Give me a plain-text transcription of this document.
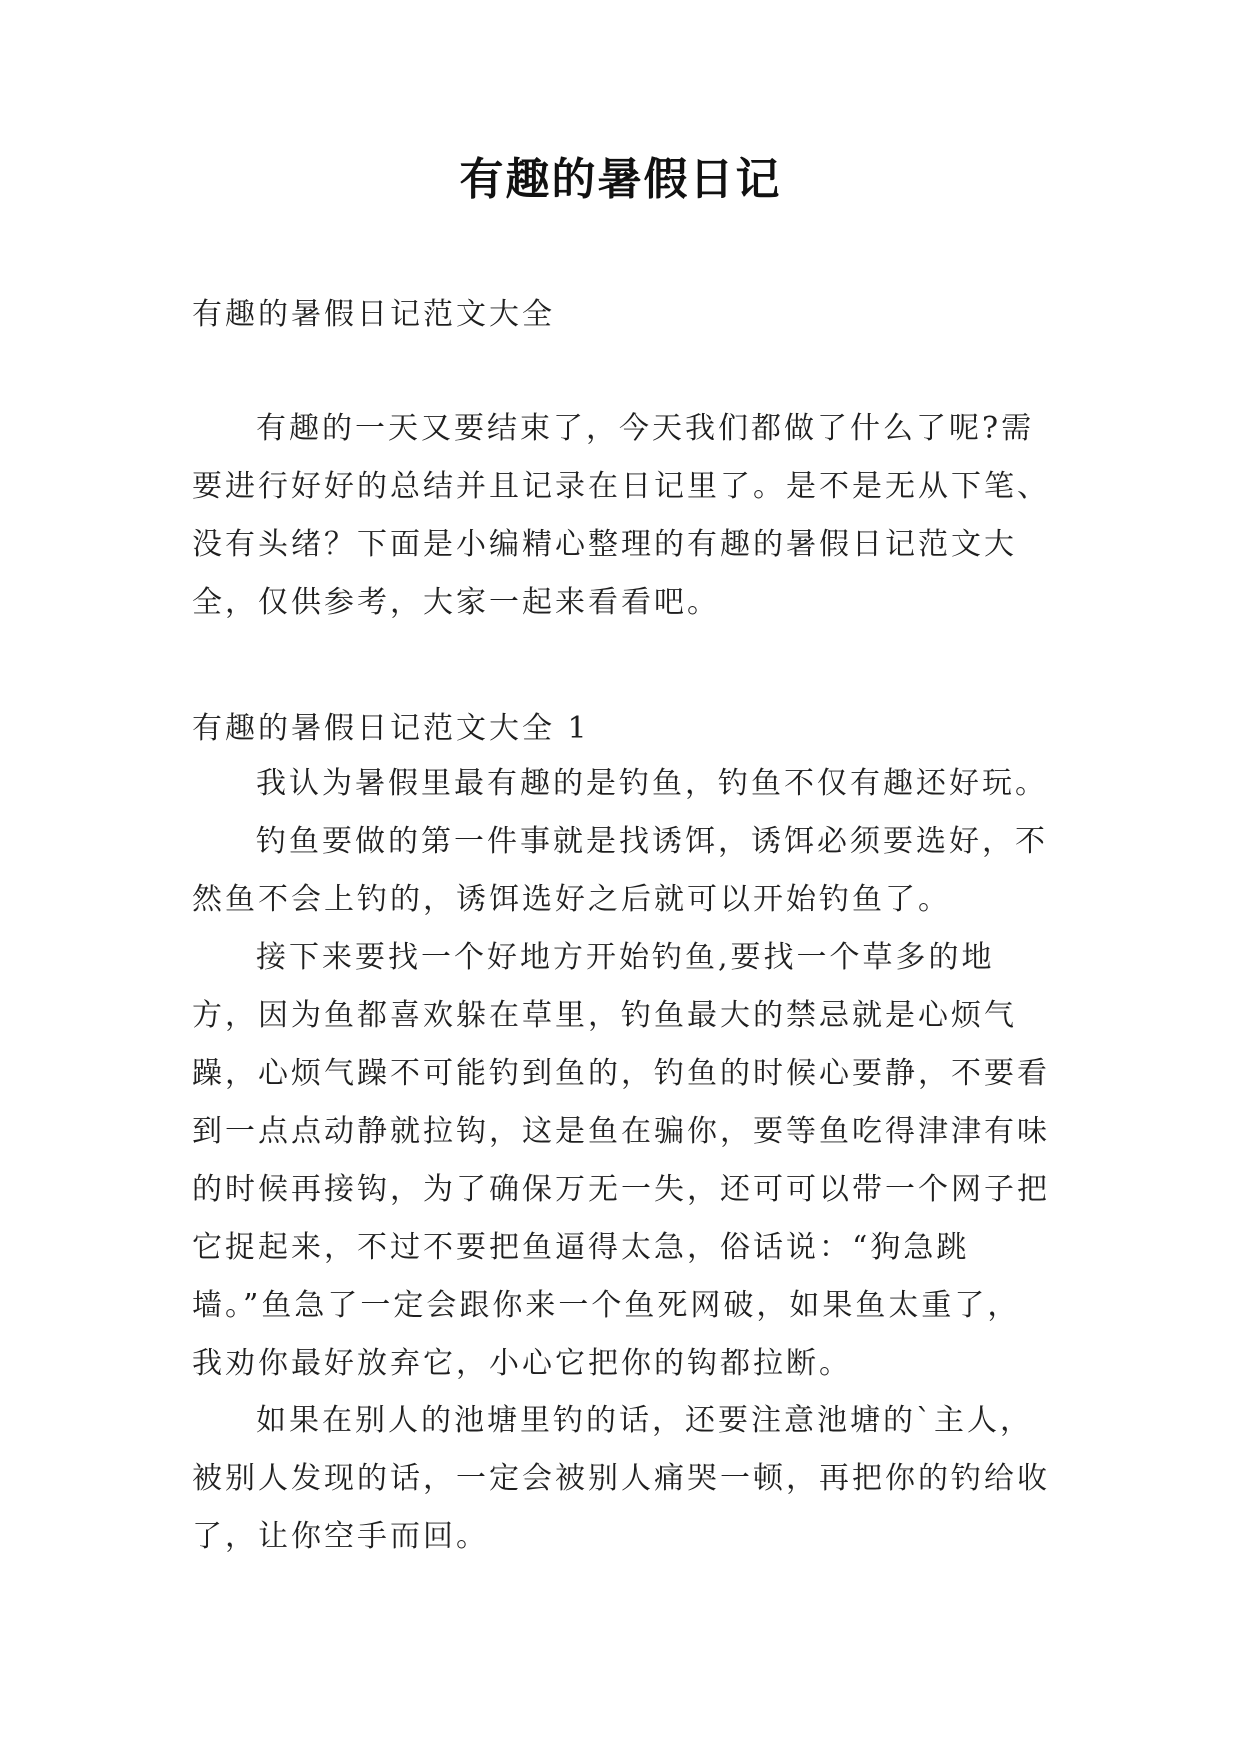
有趣的暑假日记

有趣的暑假日记范文大全

有趣的一天又要结束了，今天我们都做了什么了呢?需要进行好好的总结并且记录在日记里了。是不是无从下笔、没有头绪？下面是小编精心整理的有趣的暑假日记范文大全，仅供参考，大家一起来看看吧。

有趣的暑假日记范文大全 1

我认为暑假里最有趣的是钓鱼，钓鱼不仅有趣还好玩。

钓鱼要做的第一件事就是找诱饵，诱饵必须要选好，不然鱼不会上钓的，诱饵选好之后就可以开始钓鱼了。

接下来要找一个好地方开始钓鱼,要找一个草多的地方，因为鱼都喜欢躲在草里，钓鱼最大的禁忌就是心烦气躁，心烦气躁不可能钓到鱼的，钓鱼的时候心要静，不要看到一点点动静就拉钩，这是鱼在骗你，要等鱼吃得津津有味的时候再接钩，为了确保万无一失，还可可以带一个网子把它捉起来，不过不要把鱼逼得太急，俗话说：“狗急跳墙。”鱼急了一定会跟你来一个鱼死网破，如果鱼太重了，我劝你最好放弃它，小心它把你的钩都拉断。

如果在别人的池塘里钓的话，还要注意池塘的`主人，被别人发现的话，一定会被别人痛哭一顿，再把你的钓给收了，让你空手而回。
